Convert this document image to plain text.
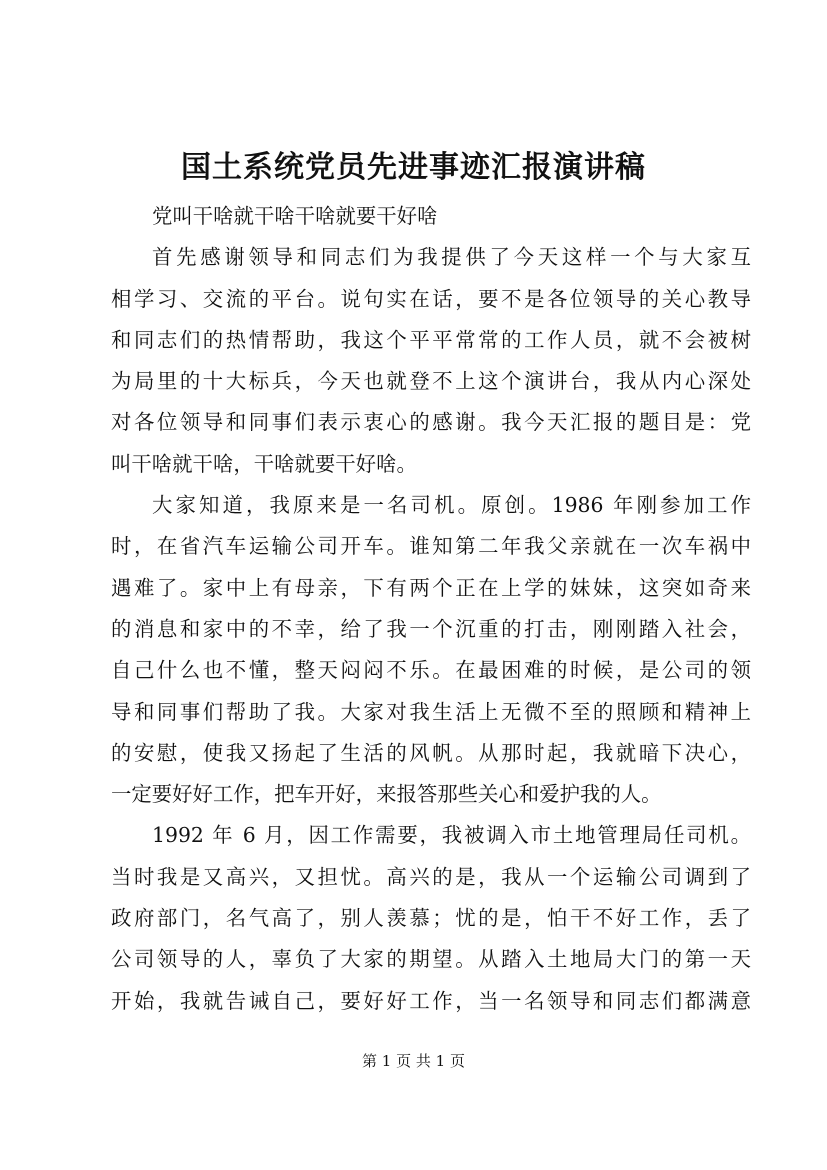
国土系统党员先进事迹汇报演讲稿
党叫干啥就干啥干啥就要干好啥
首先感谢领导和同志们为我提供了今天这样一个与大家互
相学习、交流的平台。说句实在话，要不是各位领导的关心教导
和同志们的热情帮助，我这个平平常常的工作人员，就不会被树
为局里的十大标兵，今天也就登不上这个演讲台，我从内心深处
对各位领导和同事们表示衷心的感谢。我今天汇报的题目是：党
叫干啥就干啥，干啥就要干好啥。
大家知道，我原来是一名司机。原创。1986 年刚参加工作
时，在省汽车运输公司开车。谁知第二年我父亲就在一次车祸中
遇难了。家中上有母亲，下有两个正在上学的妹妹，这突如奇来
的消息和家中的不幸，给了我一个沉重的打击，刚刚踏入社会，
自己什么也不懂，整天闷闷不乐。在最困难的时候，是公司的领
导和同事们帮助了我。大家对我生活上无微不至的照顾和精神上
的安慰，使我又扬起了生活的风帆。从那时起，我就暗下决心，
一定要好好工作，把车开好，来报答那些关心和爱护我的人。
1992 年 6 月，因工作需要，我被调入市土地管理局任司机。
当时我是又高兴，又担忧。高兴的是，我从一个运输公司调到了
政府部门，名气高了，别人羡慕；忧的是，怕干不好工作，丢了
公司领导的人，辜负了大家的期望。从踏入土地局大门的第一天
开始，我就告诫自己，要好好工作，当一名领导和同志们都满意
第 1 页 共 1 页
